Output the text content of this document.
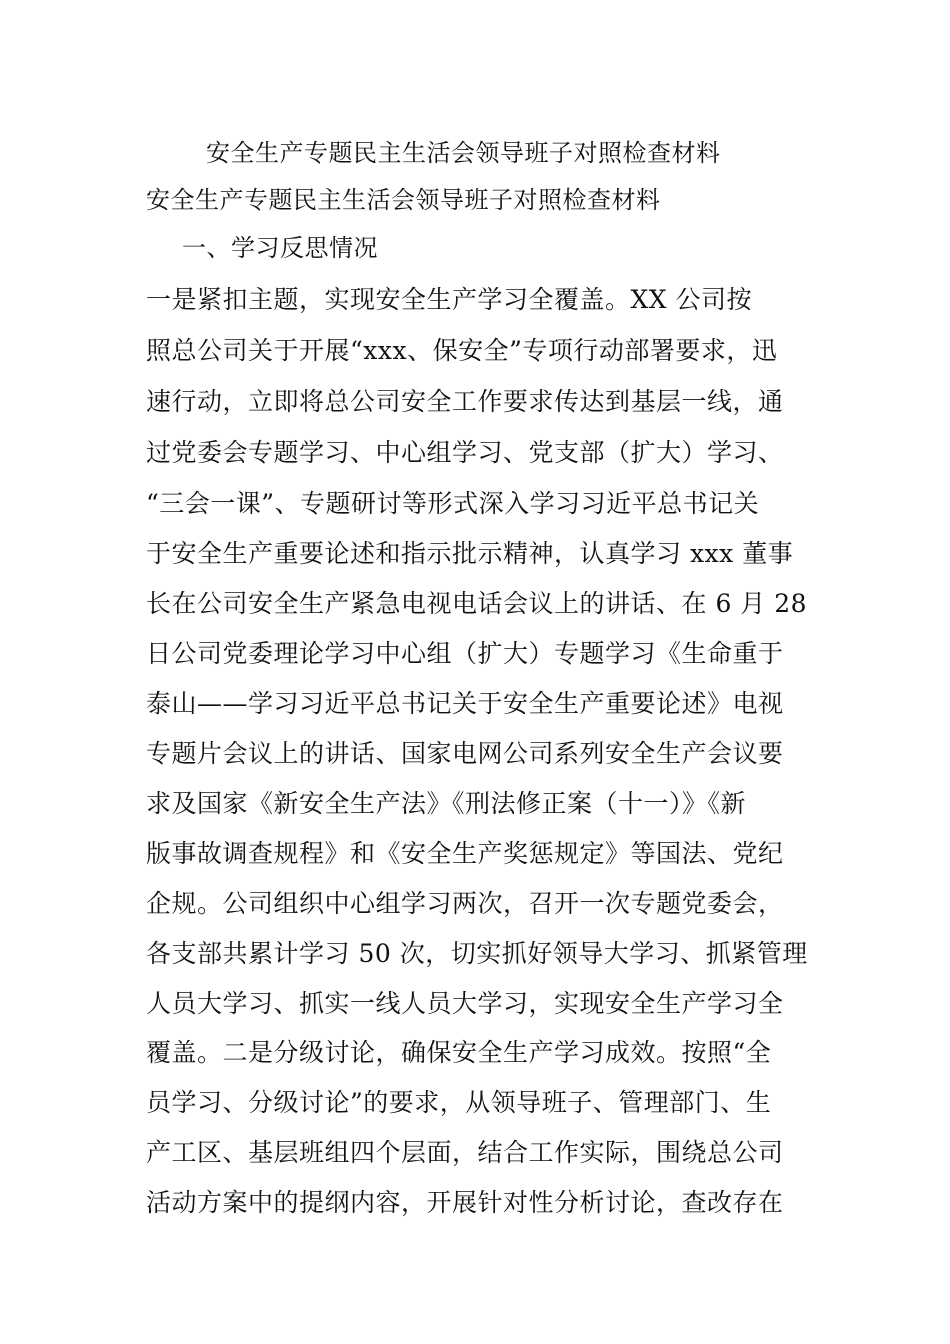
安全生产专题民主生活会领导班子对照检查材料
安全生产专题民主生活会领导班子对照检查材料
一、学习反思情况
一是紧扣主题，实现安全生产学习全覆盖。XX 公司按
照总公司关于开展“xxx、保安全”专项行动部署要求，迅
速行动，立即将总公司安全工作要求传达到基层一线，通
过党委会专题学习、中心组学习、党支部（扩大）学习、
“三会一课”、专题研讨等形式深入学习习近平总书记关
于安全生产重要论述和指示批示精神，认真学习 xxx 董事
长在公司安全生产紧急电视电话会议上的讲话、在 6 月 28
日公司党委理论学习中心组（扩大）专题学习《生命重于
泰山——学习习近平总书记关于安全生产重要论述》电视
专题片会议上的讲话、国家电网公司系列安全生产会议要
求及国家《新安全生产法》《刑法修正案（十一）》《新
版事故调查规程》和《安全生产奖惩规定》等国法、党纪
企规。公司组织中心组学习两次，召开一次专题党委会，
各支部共累计学习 50 次，切实抓好领导大学习、抓紧管理
人员大学习、抓实一线人员大学习，实现安全生产学习全
覆盖。二是分级讨论，确保安全生产学习成效。按照“全
员学习、分级讨论”的要求，从领导班子、管理部门、生
产工区、基层班组四个层面，结合工作实际，围绕总公司
活动方案中的提纲内容，开展针对性分析讨论，查改存在
